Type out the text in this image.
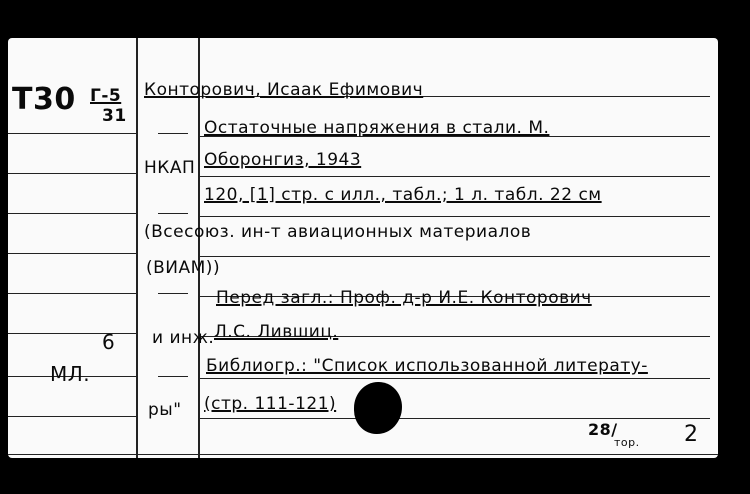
Т30 Г-5
31
6
МЛ.
Конторович, Исаак Ефимович
Остаточные напряжения в стали. М.
НКАП Оборонгиз, 1943
120, [1] стр. с илл., табл.; 1 л. табл. 22 см
(Всесоюз. ин-т авиационных материалов
(ВИАМ))
Перед загл.: Проф. д-р И.Е. Конторович
и инж. Л.С. Лившиц.
Библиогр.: "Список использованной литерату-
ры" (стр. 111-121)
28/
тор. 2
